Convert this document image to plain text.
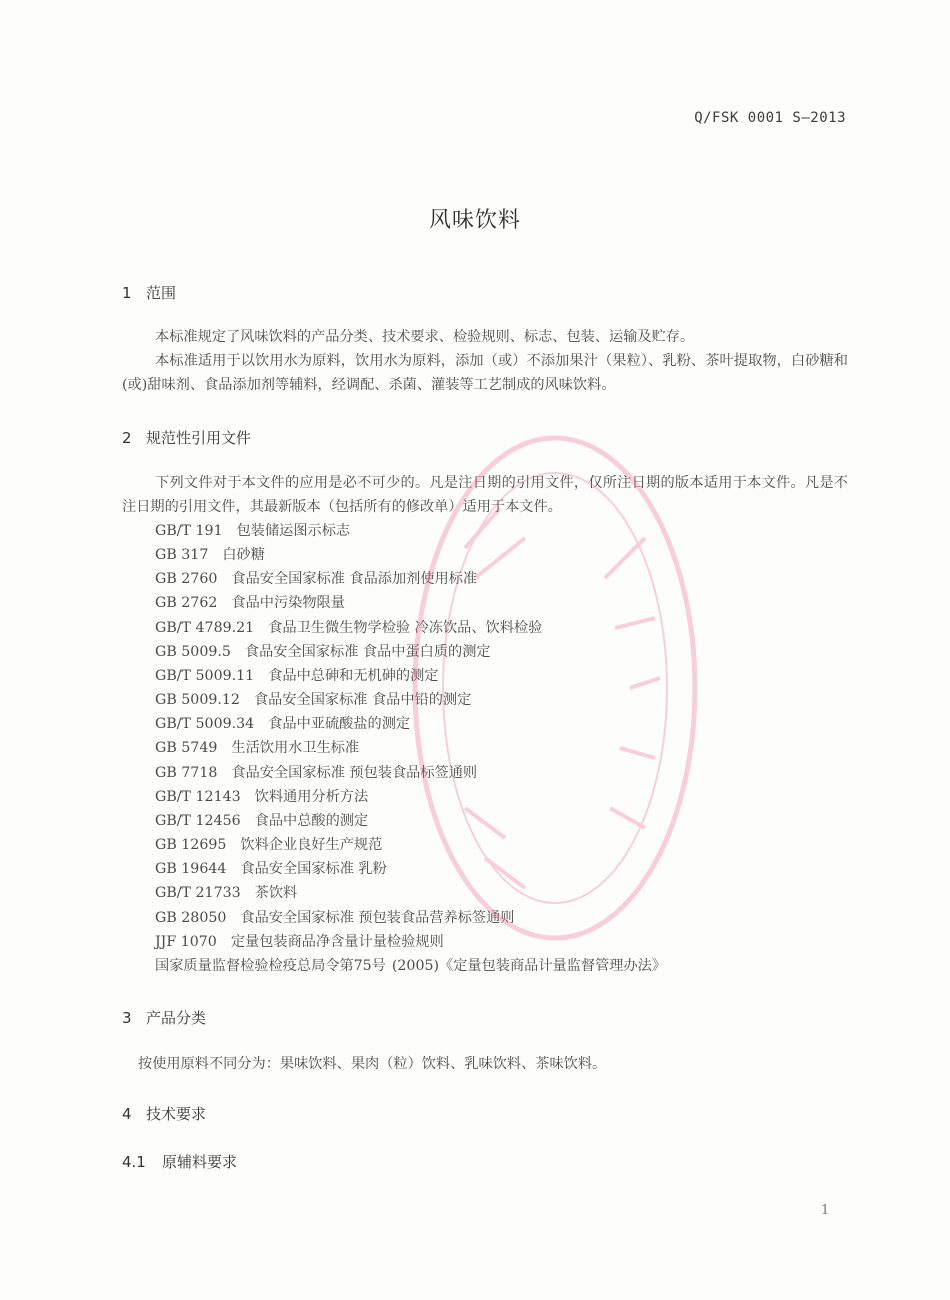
Q/FSK 0001 S—2013
风味饮料
1 范围
本标准规定了风味饮料的产品分类、技术要求、检验规则、标志、包装、运输及贮存。
本标准适用于以饮用水为原料，饮用水为原料，添加（或）不添加果汁（果粒）、乳粉、茶叶提取物，白砂糖和(或)甜味剂、食品添加剂等辅料，经调配、杀菌、灌装等工艺制成的风味饮料。
2 规范性引用文件
下列文件对于本文件的应用是必不可少的。凡是注日期的引用文件，仅所注日期的版本适用于本文件。凡是不注日期的引用文件，其最新版本（包括所有的修改单）适用于本文件。
GB/T 191 包装储运图示标志
GB 317 白砂糖
GB 2760 食品安全国家标准 食品添加剂使用标准
GB 2762 食品中污染物限量
GB/T 4789.21 食品卫生微生物学检验 冷冻饮品、饮料检验
GB 5009.5 食品安全国家标准 食品中蛋白质的测定
GB/T 5009.11 食品中总砷和无机砷的测定
GB 5009.12 食品安全国家标准 食品中铅的测定
GB/T 5009.34 食品中亚硫酸盐的测定
GB 5749 生活饮用水卫生标准
GB 7718 食品安全国家标准 预包装食品标签通则
GB/T 12143 饮料通用分析方法
GB/T 12456 食品中总酸的测定
GB 12695 饮料企业良好生产规范
GB 19644 食品安全国家标准 乳粉
GB/T 21733 茶饮料
GB 28050 食品安全国家标准 预包装食品营养标签通则
JJF 1070 定量包装商品净含量计量检验规则
国家质量监督检验检疫总局令第75号 (2005)《定量包装商品计量监督管理办法》
3 产品分类
按使用原料不同分为：果味饮料、果肉（粒）饮料、乳味饮料、茶味饮料。
4 技术要求
4.1 原辅料要求
1
